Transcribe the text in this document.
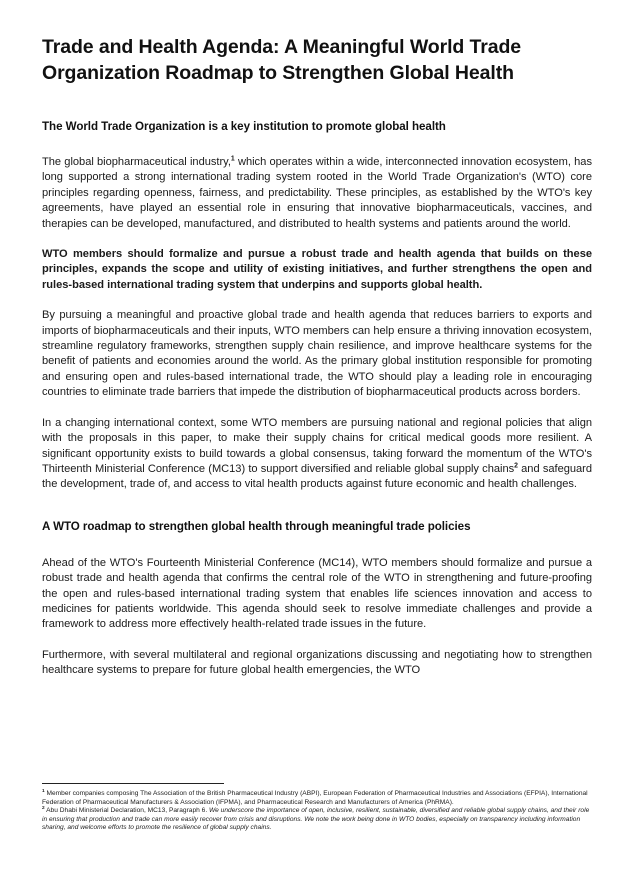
Trade and Health Agenda: A Meaningful World Trade Organization Roadmap to Strengthen Global Health
The World Trade Organization is a key institution to promote global health

The global biopharmaceutical industry,$^1$ which operates within a wide, interconnected innovation ecosystem, has long supported a strong international trading system rooted in the World Trade Organization's (WTO) core principles regarding openness, fairness, and predictability. These principles, as established by the WTO's key agreements, have played an essential role in ensuring that innovative biopharmaceuticals, vaccines, and therapies can be developed, manufactured, and distributed to health systems and patients around the world.

WTO members should formalize and pursue a robust trade and health agenda that builds on these principles, expands the scope and utility of existing initiatives, and further strengthens the open and rules-based international trading system that underpins and supports global health.

By pursuing a meaningful and proactive global trade and health agenda that reduces barriers to exports and imports of biopharmaceuticals and their inputs, WTO members can help ensure a thriving innovation ecosystem, streamline regulatory frameworks, strengthen supply chain resilience, and improve healthcare systems for the benefit of patients and economies around the world. As the primary global institution responsible for promoting and ensuring open and rules-based international trade, the WTO should play a leading role in encouraging countries to eliminate trade barriers that impede the distribution of biopharmaceutical products across borders.

In a changing international context, some WTO members are pursuing national and regional policies that align with the proposals in this paper, to make their supply chains for critical medical goods more resilient. A significant opportunity exists to build towards a global consensus, taking forward the momentum of the WTO's Thirteenth Ministerial Conference (MC13) to support diversified and reliable global supply chains$^2$ and safeguard the development, trade of, and access to vital health products against future economic and health challenges.

A WTO roadmap to strengthen global health through meaningful trade policies

Ahead of the WTO's Fourteenth Ministerial Conference (MC14), WTO members should formalize and pursue a robust trade and health agenda that confirms the central role of the WTO in strengthening and future-proofing the open and rules-based international trading system that enables life sciences innovation and access to medicines for patients worldwide. This agenda should seek to resolve immediate challenges and provide a framework to address more effectively health-related trade issues in the future.

Furthermore, with several multilateral and regional organizations discussing and negotiating how to strengthen healthcare systems to prepare for future global health emergencies, the WTO

$^1$ Member companies composing The Association of the British Pharmaceutical Industry (ABPI), European Federation of Pharmaceutical Industries and Associations (EFPIA), International Federation of Pharmaceutical Manufacturers & Association (IFPMA), and Pharmaceutical Research and Manufacturers of America (PhRMA).

$^2$ Abu Dhabi Ministerial Declaration, MC13, Paragraph 6. We underscore the importance of open, inclusive, resilient, sustainable, diversified and reliable global supply chains, and their role in ensuring that production and trade can more easily recover from crisis and disruptions. We note the work being done in WTO bodies, especially on transparency including information sharing, and welcome efforts to promote the resilience of global supply chains.
